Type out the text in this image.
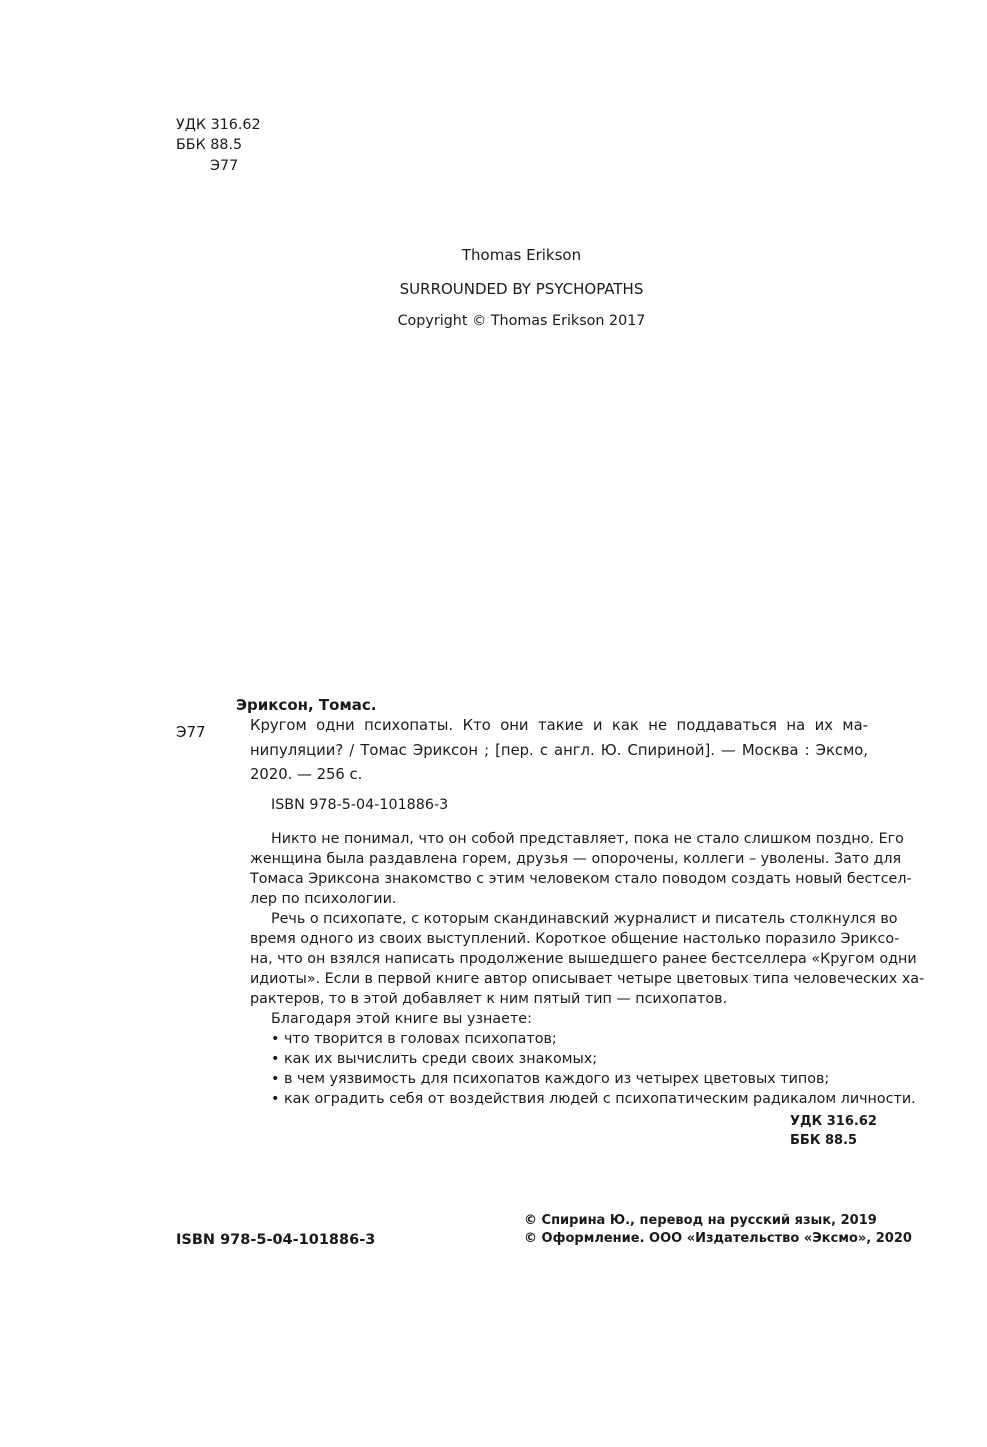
УДК 316.62
ББК 88.5
Э77
Thomas Erikson
SURROUNDED BY PSYCHOPATHS
Copyright © Thomas Erikson 2017
Эриксон, Томас.
Э77	Кругом одни психопаты. Кто они такие и как не поддаваться на их ма-
нипуляции? / Томас Эриксон ; [пер. с англ. Ю. Спириной]. — Москва : Эксмо,
2020. — 256 с.
ISBN 978-5-04-101886-3
Никто не понимал, что он собой представляет, пока не стало слишком поздно. Его
женщина была раздавлена горем, друзья — опорочены, коллеги – уволены. Зато для
Томаса Эриксона знакомство с этим человеком стало поводом создать новый бестсел-
лер по психологии.
Речь о психопате, с которым скандинавский журналист и писатель столкнулся во
время одного из своих выступлений. Короткое общение настолько поразило Эриксо-
на, что он взялся написать продолжение вышедшего ранее бестселлера «Кругом одни
идиоты». Если в первой книге автор описывает четыре цветовых типа человеческих ха-
рактеров, то в этой добавляет к ним пятый тип — психопатов.
Благодаря этой книге вы узнаете:
• что творится в головах психопатов;
• как их вычислить среди своих знакомых;
• в чем уязвимость для психопатов каждого из четырех цветовых типов;
• как оградить себя от воздействия людей с психопатическим радикалом личности.
УДК 316.62
ББК 88.5
ISBN 978-5-04-101886-3
© Спирина Ю., перевод на русский язык, 2019
© Оформление. ООО «Издательство «Эксмо», 2020
